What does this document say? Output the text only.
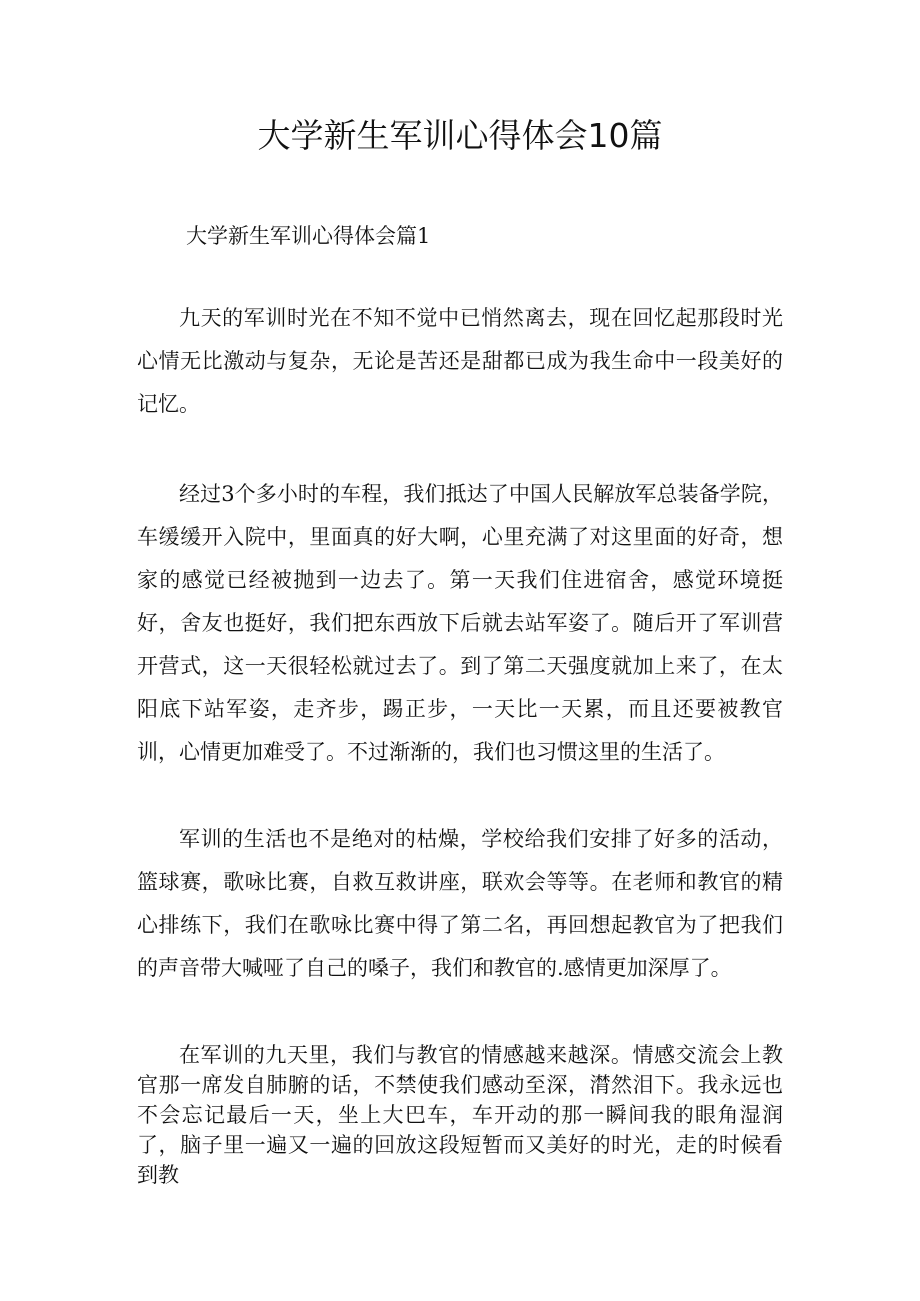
大学新生军训心得体会10篇
大学新生军训心得体会篇1

九天的军训时光在不知不觉中已悄然离去，现在回忆起那段时光心情无比激动与复杂，无论是苦还是甜都已成为我生命中一段美好的记忆。

经过3个多小时的车程，我们抵达了中国人民解放军总装备学院，车缓缓开入院中，里面真的好大啊，心里充满了对这里面的好奇，想家的感觉已经被抛到一边去了。第一天我们住进宿舍，感觉环境挺好，舍友也挺好，我们把东西放下后就去站军姿了。随后开了军训营开营式，这一天很轻松就过去了。到了第二天强度就加上来了，在太阳底下站军姿，走齐步，踢正步，一天比一天累，而且还要被教官训，心情更加难受了。不过渐渐的，我们也习惯这里的生活了。

军训的生活也不是绝对的枯燥，学校给我们安排了好多的活动，篮球赛，歌咏比赛，自救互救讲座，联欢会等等。在老师和教官的精心排练下，我们在歌咏比赛中得了第二名，再回想起教官为了把我们的声音带大喊哑了自己的嗓子，我们和教官的.感情更加深厚了。

在军训的九天里，我们与教官的情感越来越深。情感交流会上教官那一席发自肺腑的话，不禁使我们感动至深，潸然泪下。我永远也不会忘记最后一天，坐上大巴车，车开动的那一瞬间我的眼角湿润了，脑子里一遍又一遍的回放这段短暂而又美好的时光，走的时候看到教
